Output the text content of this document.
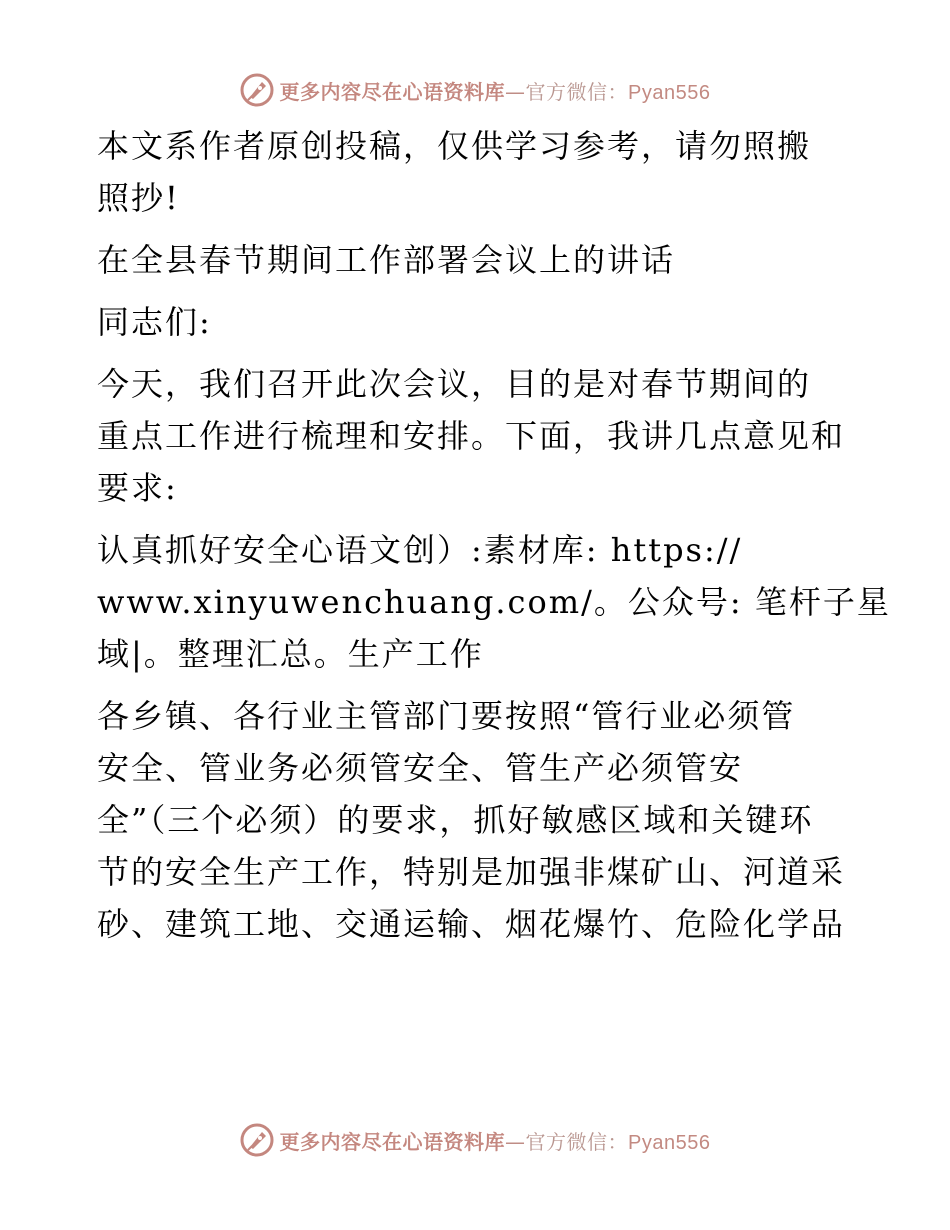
更多内容尽在心语资料库—官方微信：Pyan556

本文系作者原创投稿，仅供学习参考，请勿照搬
照抄!

在全县春节期间工作部署会议上的讲话

同志们:

今天，我们召开此次会议，目的是对春节期间的
重点工作进行梳理和安排。下面，我讲几点意见和
要求:

认真抓好安全心语文创）:素材库: https://
www.xinyuwenchuang.com/。公众号: 笔杆子星
域|。整理汇总。生产工作

各乡镇、各行业主管部门要按照“管行业必须管
安全、管业务必须管安全、管生产必须管安
全”（三个必须）的要求，抓好敏感区域和关键环
节的安全生产工作，特别是加强非煤矿山、河道采
砂、建筑工地、交通运输、烟花爆竹、危险化学品

更多内容尽在心语资料库—官方微信：Pyan556
